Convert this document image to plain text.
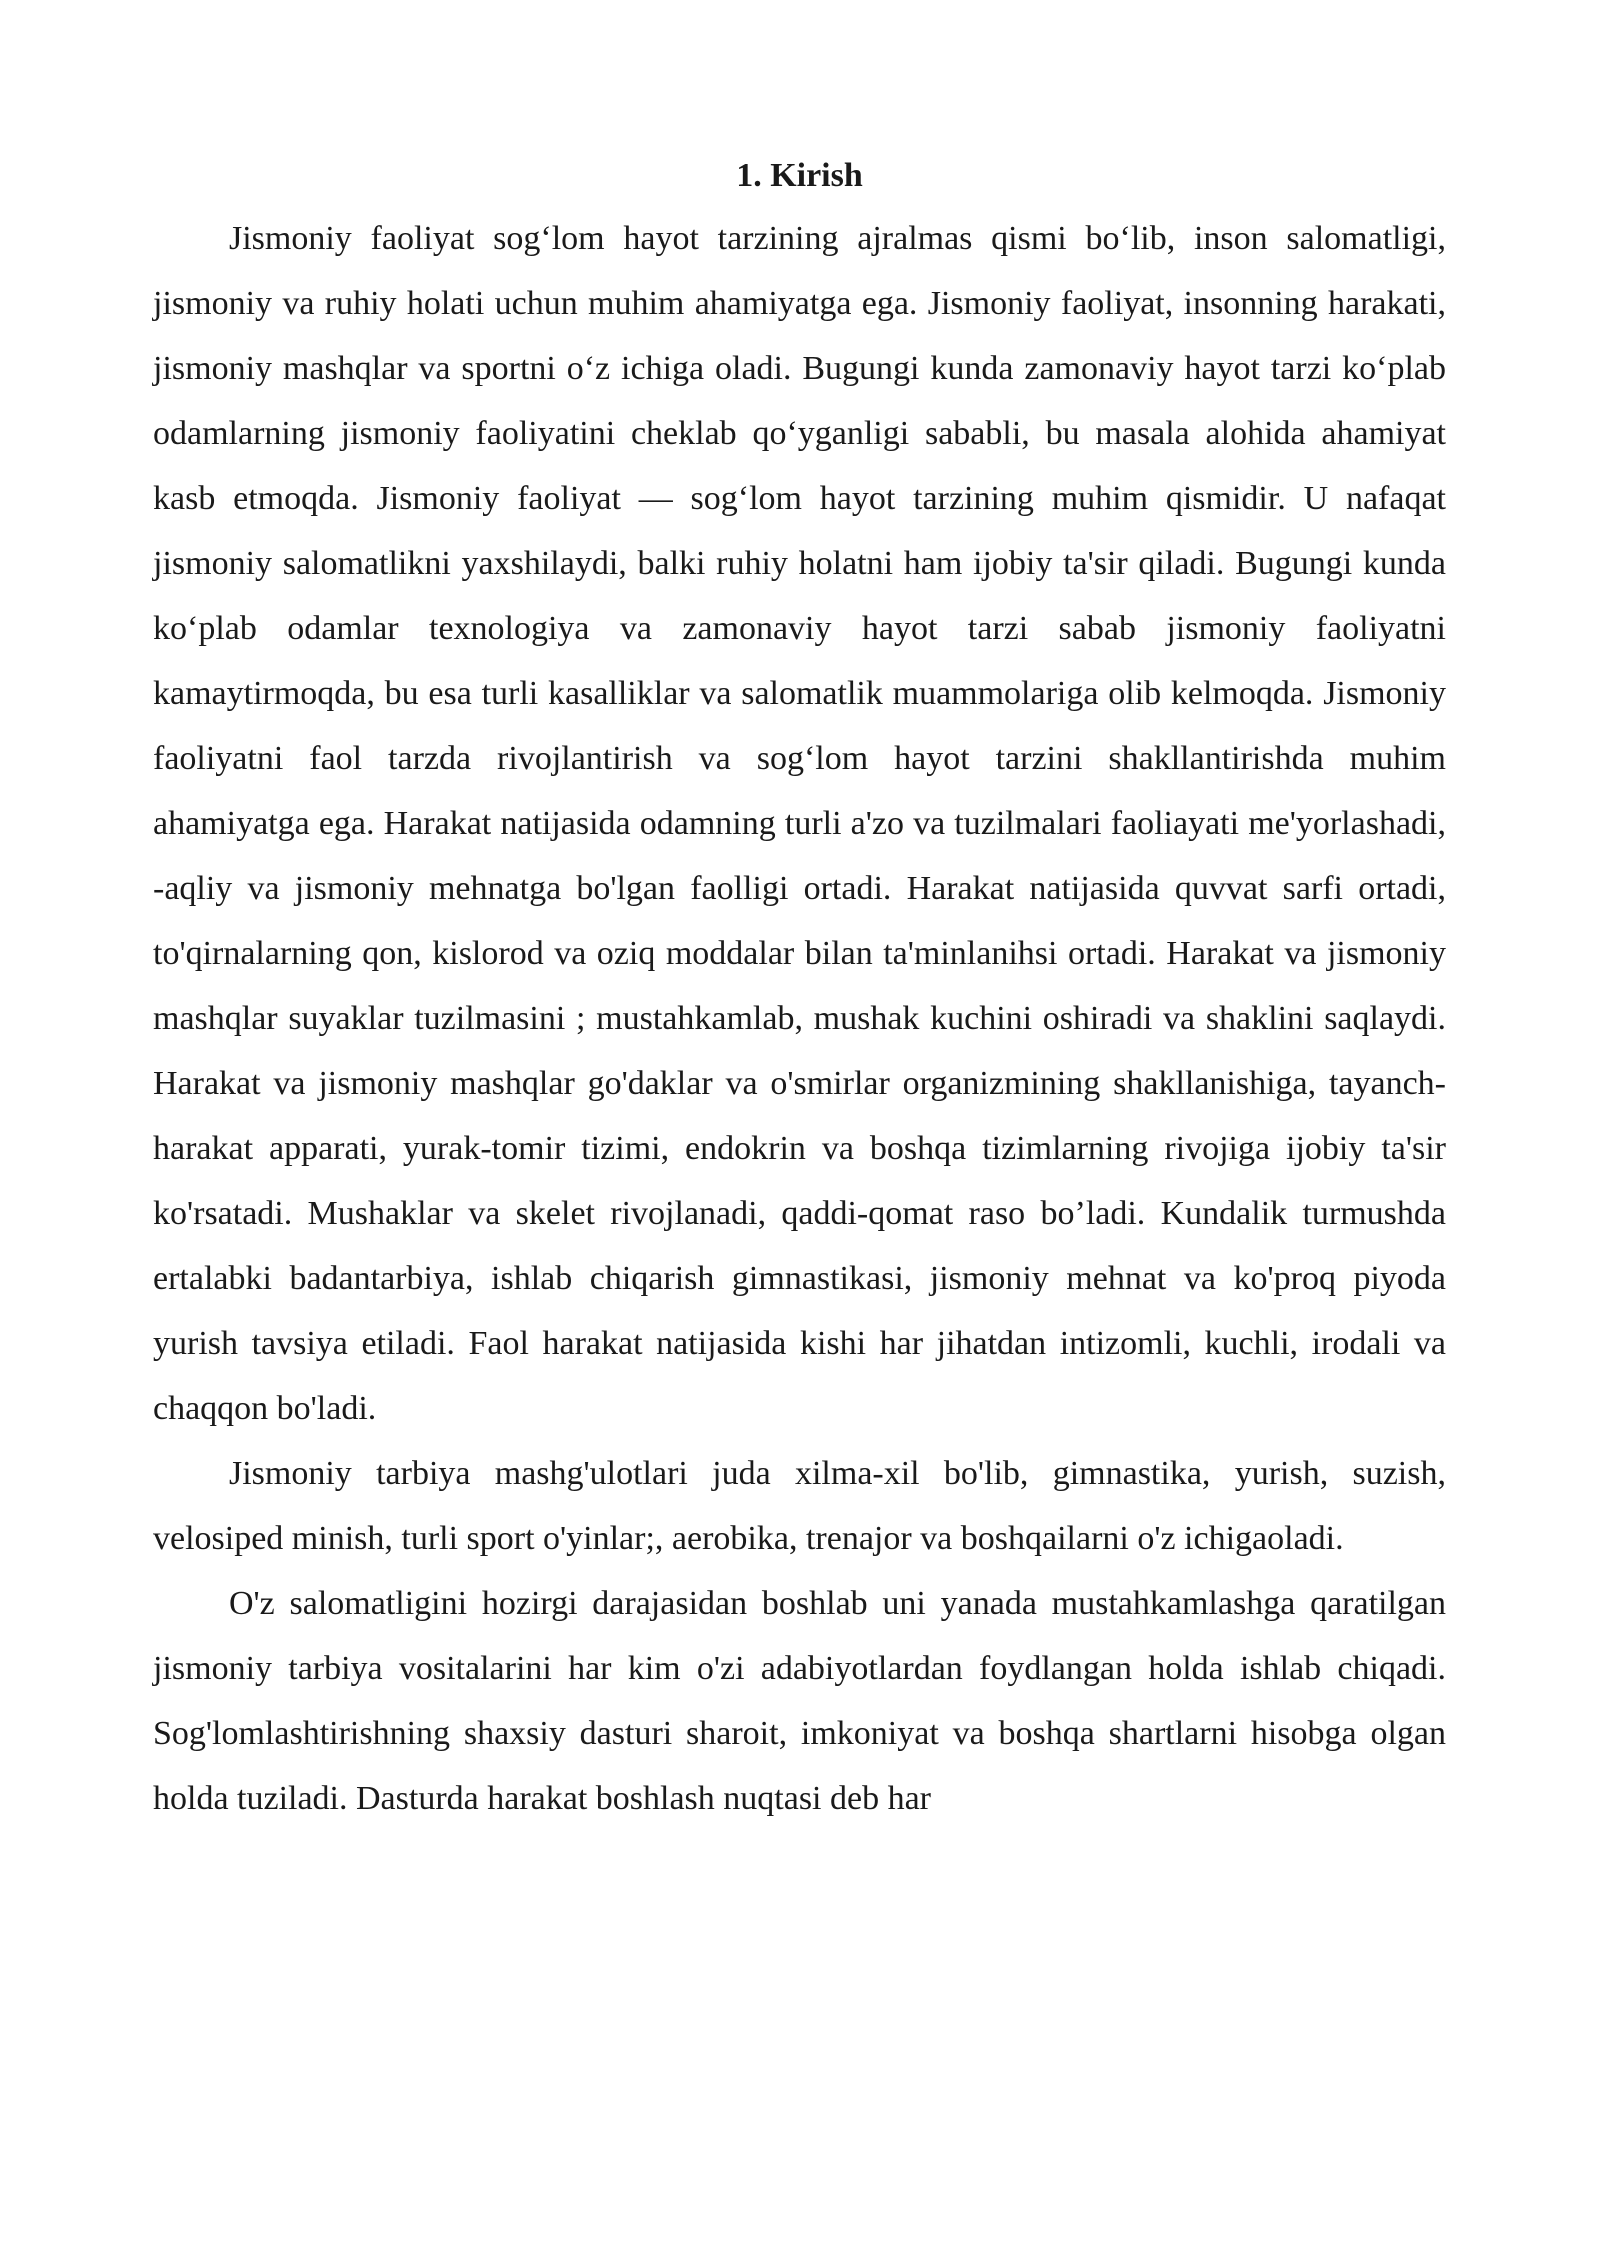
1. Kirish

Jismoniy faoliyat sog‘lom hayot tarzining ajralmas qismi bo‘lib, inson salomatligi, jismoniy va ruhiy holati uchun muhim ahamiyatga ega. Jismoniy faoliyat, insonning harakati, jismoniy mashqlar va sportni o‘z ichiga oladi. Bugungi kunda zamonaviy hayot tarzi ko‘plab odamlarning jismoniy faoliyatini cheklab qo‘yganligi sababli, bu masala alohida ahamiyat kasb etmoqda. Jismoniy faoliyat — sog‘lom hayot tarzining muhim qismidir. U nafaqat jismoniy salomatlikni yaxshilaydi, balki ruhiy holatni ham ijobiy ta'sir qiladi. Bugungi kunda ko‘plab odamlar texnologiya va zamonaviy hayot tarzi sabab jismoniy faoliyatni kamaytirmoqda, bu esa turli kasalliklar va salomatlik muammolariga olib kelmoqda. Jismoniy faoliyatni faol tarzda rivojlantirish va sog‘lom hayot tarzini shakllantirishda muhim ahamiyatga ega. Harakat natijasida odamning turli a'zo va tuzilmalari faoliayati me'yorlashadi, -aqliy va jismoniy mehnatga bo'lgan faolligi ortadi. Harakat natijasida quvvat sarfi ortadi, to'qirnalarning qon, kislorod va oziq moddalar bilan ta'minlanihsi ortadi. Harakat va jismoniy mashqlar suyaklar tuzilmasini ; mustahkamlab, mushak kuchini oshiradi va shaklini saqlaydi. Harakat va jismoniy mashqlar go'daklar va o'smirlar organizmining shakllanishiga, tayanch-harakat apparati, yurak-tomir tizimi, endokrin va boshqa tizimlarning rivojiga ijobiy ta'sir ko'rsatadi. Mushaklar va skelet rivojlanadi, qaddi-qomat raso bo’ladi. Kundalik turmushda ertalabki badantarbiya, ishlab chiqarish gimnastikasi, jismoniy mehnat va ko'proq piyoda yurish tavsiya etiladi. Faol harakat natijasida kishi har jihatdan intizomli, kuchli, irodali va chaqqon bo'ladi.

Jismoniy tarbiya mashg'ulotlari juda xilma-xil bo'lib, gimnastika, yurish, suzish, velosiped minish, turli sport o'yinlar;, aerobika, trenajor va boshqailarni o'z ichigaoladi.

O'z salomatligini hozirgi darajasidan boshlab uni yanada mustahkamlashga qaratilgan jismoniy tarbiya vositalarini har kim o'zi adabiyotlardan foydlangan holda ishlab chiqadi. Sog'lomlashtirishning shaxsiy dasturi sharoit, imkoniyat va boshqa shartlarni hisobga olgan holda tuziladi. Dasturda harakat boshlash nuqtasi deb har
